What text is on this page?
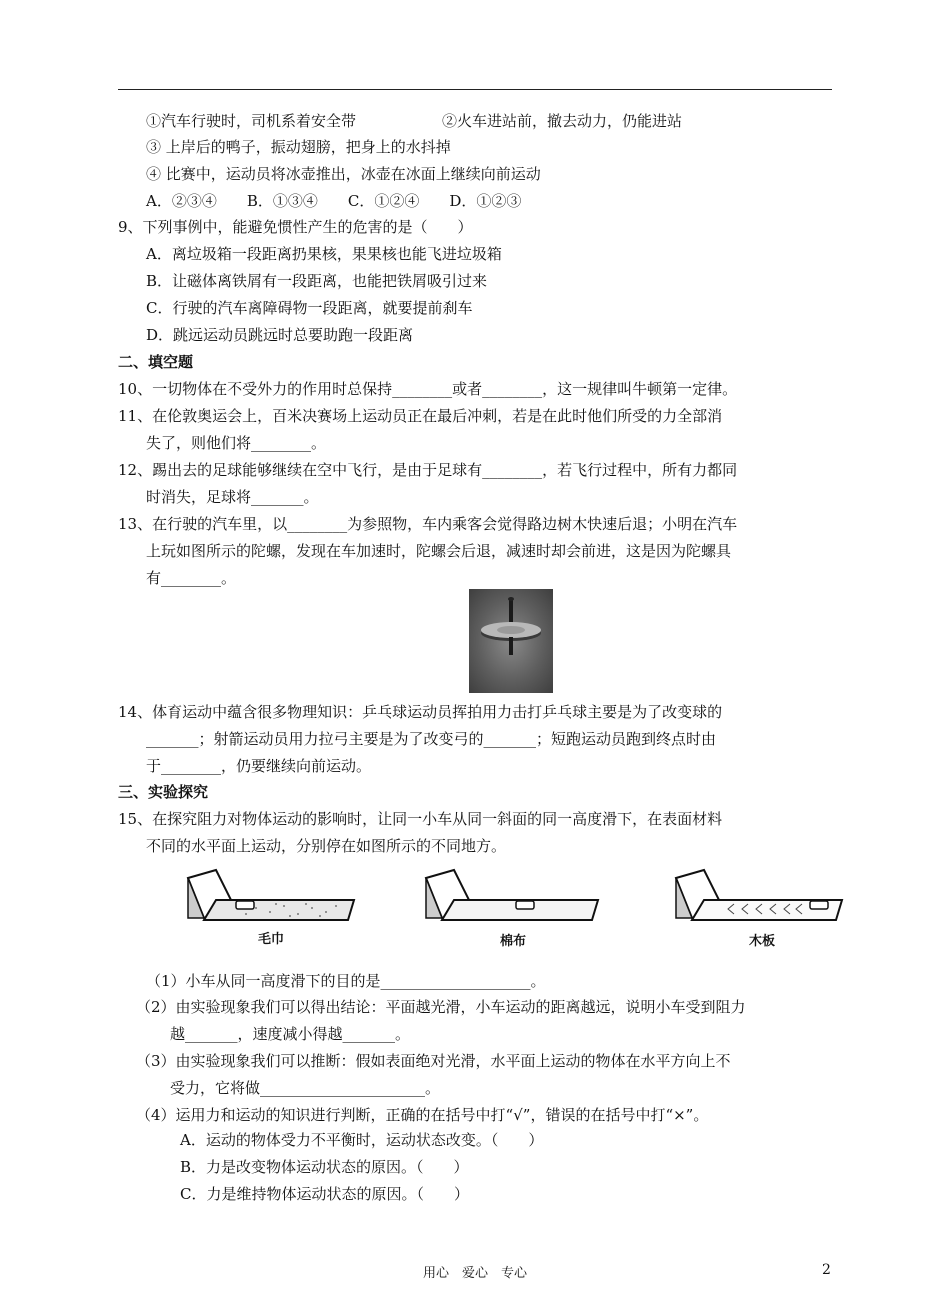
①汽车行驶时，司机系着安全带	②火车进站前，撤去动力，仍能进站
③ 上岸后的鸭子，振动翅膀，把身上的水抖掉
④ 比赛中，运动员将冰壶推出，冰壶在冰面上继续向前运动
A．②③④　　B．①③④　　C．①②④　　D．①②③
9、下列事例中，能避免惯性产生的危害的是（　　）
A．离垃圾箱一段距离扔果核，果果核也能飞进垃圾箱
B．让磁体离铁屑有一段距离，也能把铁屑吸引过来
C．行驶的汽车离障碍物一段距离，就要提前刹车
D．跳远运动员跳远时总要助跑一段距离
二、填空题
10、一切物体在不受外力的作用时总保持________或者________，这一规律叫牛顿第一定律。
11、在伦敦奥运会上，百米决赛场上运动员正在最后冲刺，若是在此时他们所受的力全部消
失了，则他们将________。
12、踢出去的足球能够继续在空中飞行，是由于足球有________，若飞行过程中，所有力都同
时消失，足球将_______。
13、在行驶的汽车里，以________为参照物，车内乘客会觉得路边树木快速后退；小明在汽车
上玩如图所示的陀螺，发现在车加速时，陀螺会后退，减速时却会前进，这是因为陀螺具
有________。
14、体育运动中蕴含很多物理知识：乒乓球运动员挥拍用力击打乒乓球主要是为了改变球的
_______；射箭运动员用力拉弓主要是为了改变弓的_______；短跑运动员跑到终点时由
于________，仍要继续向前运动。
三、实验探究
15、在探究阻力对物体运动的影响时，让同一小车从同一斜面的同一高度滑下，在表面材料
不同的水平面上运动，分别停在如图所示的不同地方。
毛巾	棉布	木板
（1）小车从同一高度滑下的目的是____________________。
（2）由实验现象我们可以得出结论：平面越光滑，小车运动的距离越远，说明小车受到阻力
越_______，速度减小得越_______。
（3）由实验现象我们可以推断：假如表面绝对光滑，水平面上运动的物体在水平方向上不
受力，它将做______________________。
（4）运用力和运动的知识进行判断，正确的在括号中打“√”，错误的在括号中打“×”。
A．运动的物体受力不平衡时，运动状态改变。（　　）
B．力是改变物体运动状态的原因。（　　）
C．力是维持物体运动状态的原因。（　　）
用心　爱心　专心	2
